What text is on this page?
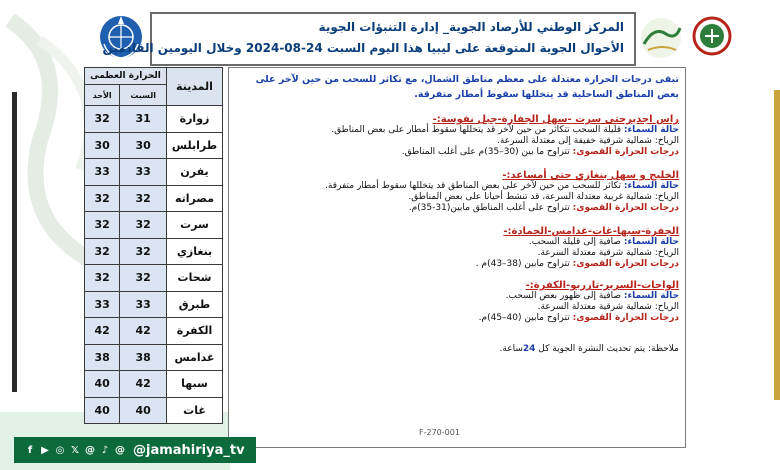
المركز الوطني للأرصاد الجوية_ إدارة التنبؤات الجوية
الأحوال الجوية المتوقعة على ليبيا هذا اليوم السبت 24-08-2024 وخلال اليومين القادمين
الحرارة العظمى		المدينة
الأحد	السبت	
32	31	زوارة
30	30	طرابلس
33	33	يفرن
32	32	مصراته
32	32	سرت
32	32	بنغازي
32	32	شحات
33	33	طبرق
42	42	الكفرة
38	38	غدامس
40	42	سبها
40	40	غات
تبقى درجات الحرارة معتدلة على معظم مناطق الشمال، مع تكاثر للسحب من حين لآخر على بعض المناطق الساحلية قد يتخللها سقوط أمطار متفرقة.
راس اجديرحتى سرت -سهل الجفارة-جبل نفوسة:-
حالة السماء: قليلة السحب تتكاثر من حين لآخر قد يتخللها سقوط أمطار على بعض المناطق.
الرياح: شمالية شرقية خفيفة إلى معتدلة السرعة.
درجات الحرارة القصوى: تتراوح ما بين (30–35)م على أغلب المناطق.
الخليج و سهل بنغازي حتى أمساعد:-
حالة السماء: تكاثر للسحب من حين لآخر على بعض المناطق قد يتخللها سقوط أمطار متفرقة.
الرياح: شمالية غربية معتدلة السرعة، قد تنشط أحيانا على بعض المناطق.
درجات الحرارة القصوى: تتراوح على أغلب المناطق مابين(31-35)م.
الجفرة-سبها-غات-غدامس-الحمادة:-
حالة السماء: صافية إلى قليلة السحب.
الرياح: شمالية شرقية معتدلة السرعة.
درجات الحرارة القصوى: تتراوح مابين (38–43)م .
الواحات-السرير-تازربو-الكفرة:-
حالة السماء: صافية إلى ظهور بعض السحب.
الرياح: شمالية شرقية معتدلة السرعة.
درجات الحرارة القصوى: تتراوح مابين (40–45)م.
ملاحظة: يتم تحديث النشرة الجوية كل 24ساعة.
F-270-001
f ▶ ◎ 𝕏 @ ♪ @ @jamahiriya_tv
